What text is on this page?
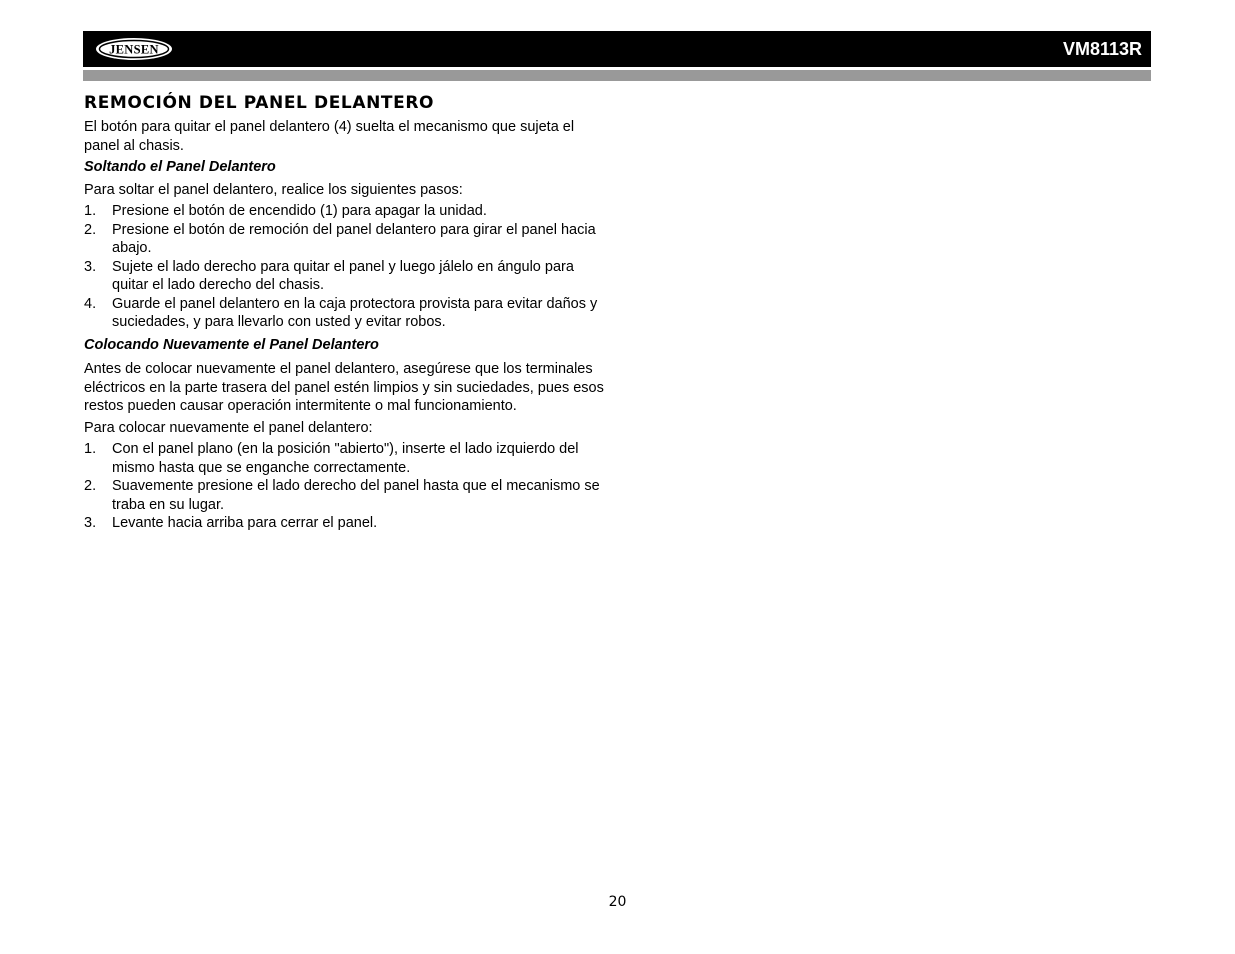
JENSEN	VM8113R
REMOCIÓN DEL PANEL DELANTERO

El botón para quitar el panel delantero (4) suelta el mecanismo que sujeta el panel al chasis.

Soltando el Panel Delantero

Para soltar el panel delantero, realice los siguientes pasos:

1. Presione el botón de encendido (1) para apagar la unidad.
2. Presione el botón de remoción del panel delantero para girar el panel hacia abajo.
3. Sujete el lado derecho para quitar el panel y luego jálelo en ángulo para quitar el lado derecho del chasis.
4. Guarde el panel delantero en la caja protectora provista para evitar daños y suciedades, y para llevarlo con usted y evitar robos.

Colocando Nuevamente el Panel Delantero

Antes de colocar nuevamente el panel delantero, asegúrese que los terminales eléctricos en la parte trasera del panel estén limpios y sin suciedades, pues esos restos pueden causar operación intermitente o mal funcionamiento.

Para colocar nuevamente el panel delantero:

1. Con el panel plano (en la posición "abierto"), inserte el lado izquierdo del mismo hasta que se enganche correctamente.
2. Suavemente presione el lado derecho del panel hasta que el mecanismo se traba en su lugar.
3. Levante hacia arriba para cerrar el panel.
20
